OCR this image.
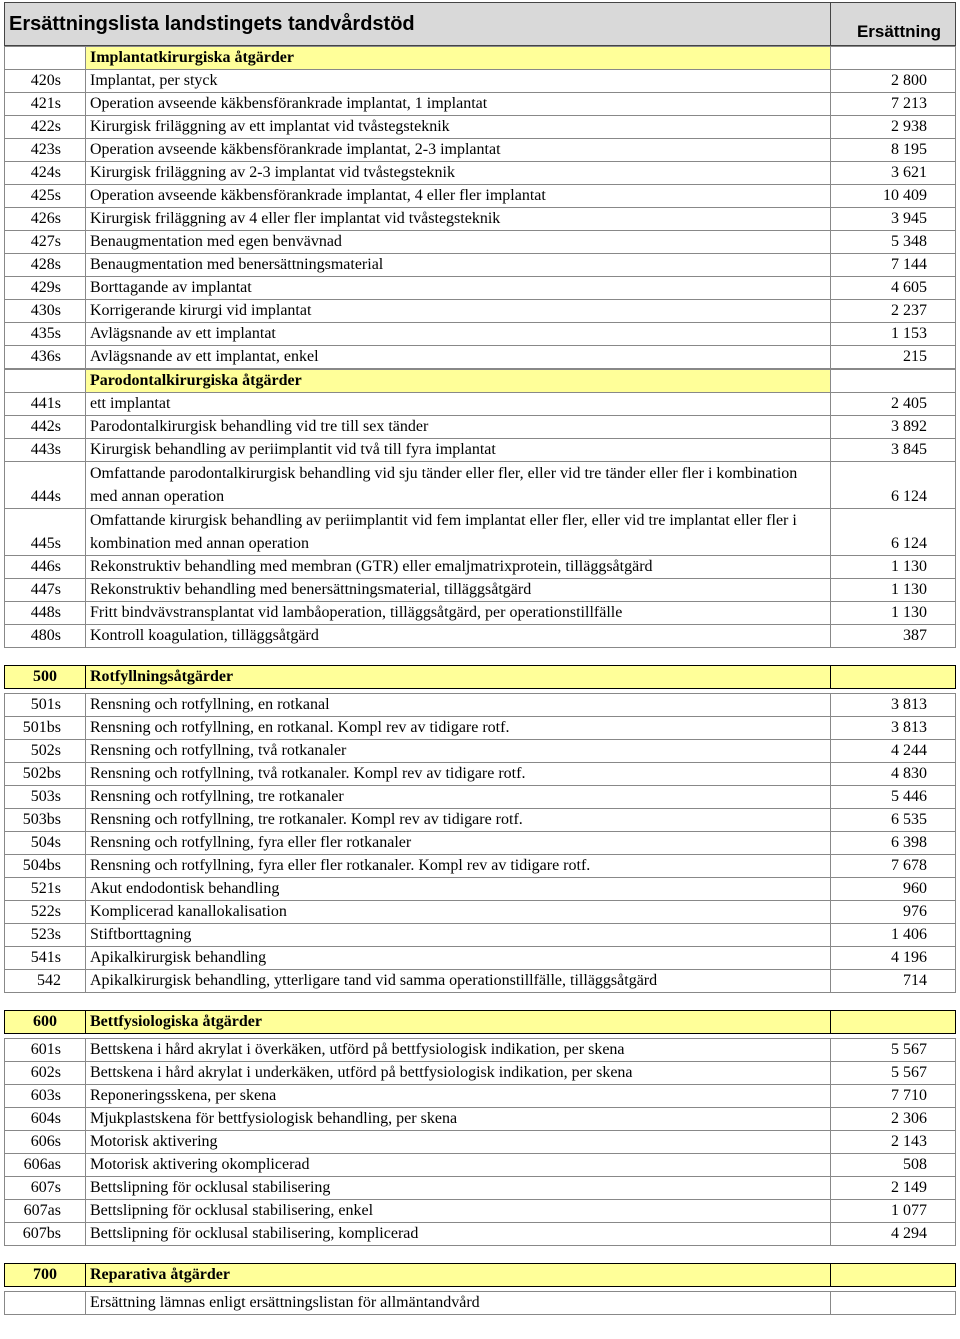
Ersättningslista landstingets tandvårdstöd	Ersättning
	Implantatkirurgiska åtgärder	
420s	Implantat, per styck	2 800
421s	Operation avseende käkbensförankrade implantat, 1 implantat	7 213
422s	Kirurgisk friläggning av ett implantat vid tvåstegsteknik	2 938
423s	Operation avseende käkbensförankrade implantat, 2-3 implantat	8 195
424s	Kirurgisk friläggning av 2-3 implantat vid tvåstegsteknik	3 621
425s	Operation avseende käkbensförankrade implantat, 4 eller fler implantat	10 409
426s	Kirurgisk friläggning av 4 eller fler implantat vid tvåstegsteknik	3 945
427s	Benaugmentation med egen benvävnad	5 348
428s	Benaugmentation med benersättningsmaterial	7 144
429s	Borttagande av implantat	4 605
430s	Korrigerande kirurgi vid implantat	2 237
435s	Avlägsnande av ett implantat	1 153
436s	Avlägsnande av ett implantat, enkel	215
	Parodontalkirurgiska åtgärder	
441s	ett implantat	2 405
442s	Parodontalkirurgisk behandling vid tre till sex tänder	3 892
443s	Kirurgisk behandling av periimplantit vid två till fyra implantat	3 845
444s	Omfattande parodontalkirurgisk behandling vid sju tänder eller fler, eller vid tre tänder eller fler i kombination med annan operation	6 124
445s	Omfattande kirurgisk behandling av periimplantit vid fem implantat eller fler, eller vid tre implantat eller fler i kombination med annan operation	6 124
446s	Rekonstruktiv behandling med membran (GTR) eller emaljmatrixprotein, tilläggsåtgärd	1 130
447s	Rekonstruktiv behandling med benersättningsmaterial, tilläggsåtgärd	1 130
448s	Fritt bindvävstransplantat vid lambåoperation, tilläggsåtgärd, per operationstillfälle	1 130
480s	Kontroll koagulation, tilläggsåtgärd	387
500	Rotfyllningsåtgärder	

501s	Rensning och rotfyllning, en rotkanal	3 813
501bs	Rensning och rotfyllning, en rotkanal. Kompl rev av tidigare rotf.	3 813
502s	Rensning och rotfyllning, två rotkanaler	4 244
502bs	Rensning och rotfyllning, två rotkanaler. Kompl rev av tidigare rotf.	4 830
503s	Rensning och rotfyllning, tre rotkanaler	5 446
503bs	Rensning och rotfyllning, tre rotkanaler. Kompl rev av tidigare rotf.	6 535
504s	Rensning och rotfyllning, fyra eller fler rotkanaler	6 398
504bs	Rensning och rotfyllning, fyra eller fler rotkanaler. Kompl rev av tidigare rotf.	7 678
521s	Akut endodontisk behandling	960
522s	Komplicerad kanallokalisation	976
523s	Stiftborttagning	1 406
541s	Apikalkirurgisk behandling	4 196
542	Apikalkirurgisk behandling, ytterligare tand vid samma operationstillfälle, tilläggsåtgärd	714
600	Bettfysiologiska åtgärder	

601s	Bettskena i hård akrylat i överkäken, utförd på bettfysiologisk indikation, per skena	5 567
602s	Bettskena i hård akrylat i underkäken, utförd på bettfysiologisk indikation, per skena	5 567
603s	Reponeringsskena, per skena	7 710
604s	Mjukplastskena för bettfysiologisk behandling, per skena	2 306
606s	Motorisk aktivering	2 143
606as	Motorisk aktivering okomplicerad	508
607s	Bettslipning för ocklusal stabilisering	2 149
607as	Bettslipning för ocklusal stabilisering, enkel	1 077
607bs	Bettslipning för ocklusal stabilisering, komplicerad	4 294
700	Reparativa åtgärder	

	Ersättning lämnas enligt ersättningslistan för allmäntandvård	
